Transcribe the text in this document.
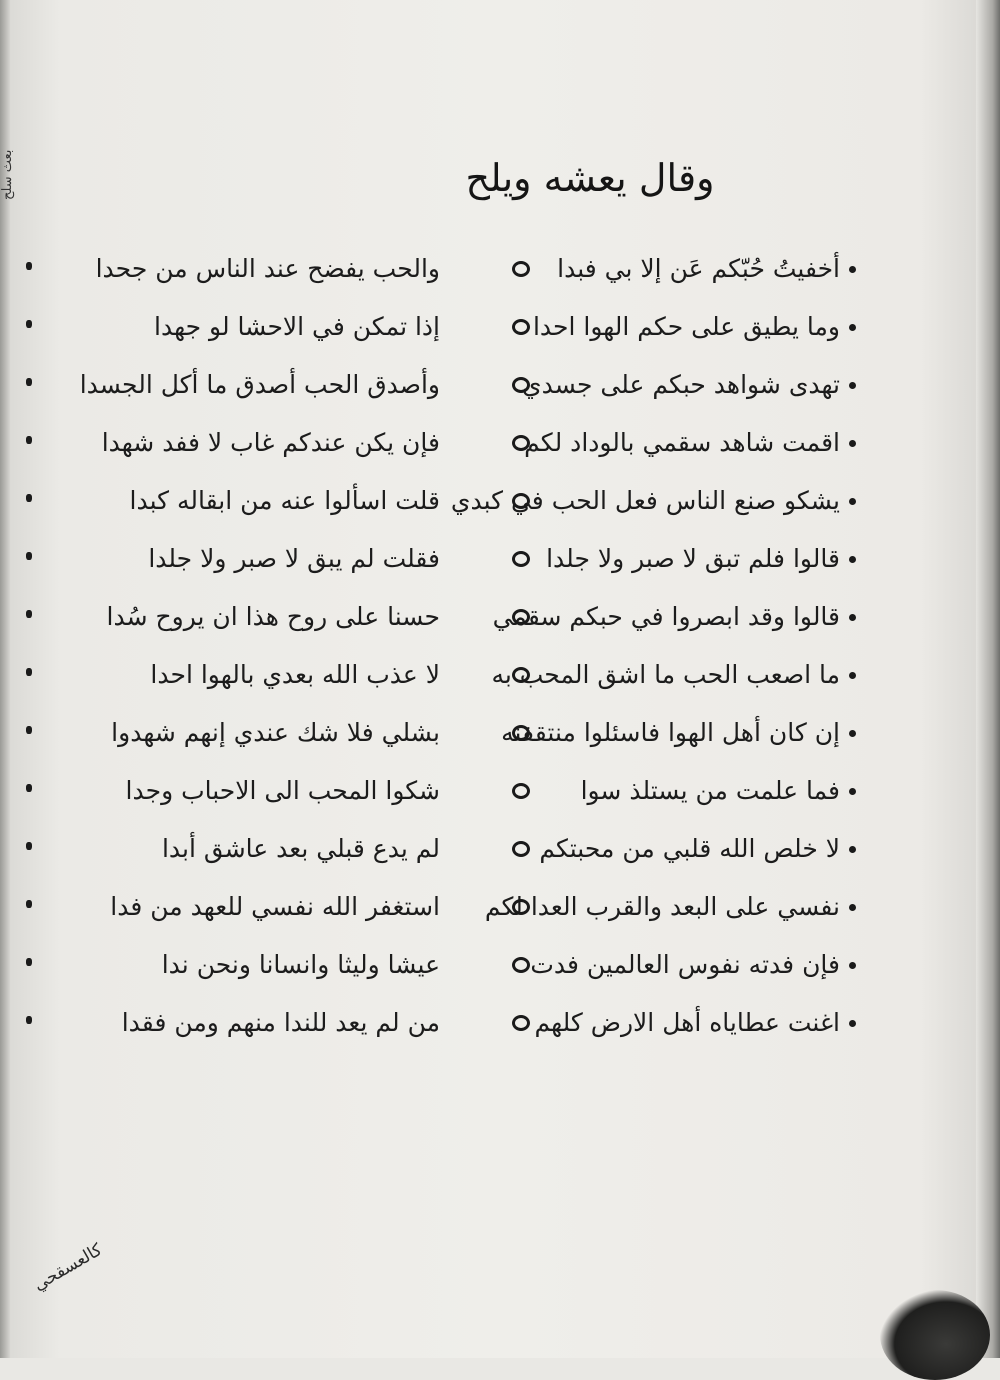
وقال يعشه ويلح
بعث سلح
أخفيتُ حُبّكم عَن إلا بي فبدا
والحب يفضح عند الناس من جحدا
وما يطيق على حكم الهوا احدا
إذا تمكن في الاحشا لو جهدا
تهدى شواهد حبكم على جسدي
وأصدق الحب أصدق ما أكل الجسدا
اقمت شاهد سقمي بالوداد لكم
فإن يكن عندكم غاب لا ففد شهدا
يشكو صنع الناس فعل الحب في كبدي
قلت اسألوا عنه من ابقاله كبدا
قالوا فلم تبق لا صبر ولا جلدا
فقلت لم يبق لا صبر ولا جلدا
قالوا وقد ابصروا في حبكم سقمي
حسنا على روح هذا ان يروح سُدا
ما اصعب الحب ما اشق المحب به
لا عذب الله بعدي بالهوا احدا
إن كان أهل الهوا فاسئلوا منتقفنه
بشلي فلا شك عندي إنهم شهدوا
فما علمت من يستلذ سوا
شكوا المحب الى الاحباب وجدا
لا خلص الله قلبي من محبتكم
لم يدع قبلي بعد عاشق أبدا
نفسي على البعد والقرب العدا لكم
استغفر الله نفسي للعهد من فدا
فإن فدته نفوس العالمين فدت
عيشا وليثا وانسانا ونحن ندا
اغنت عطاياه أهل الارض كلهم
من لم يعد للندا منهم ومن فقدا
كالعسقحي
